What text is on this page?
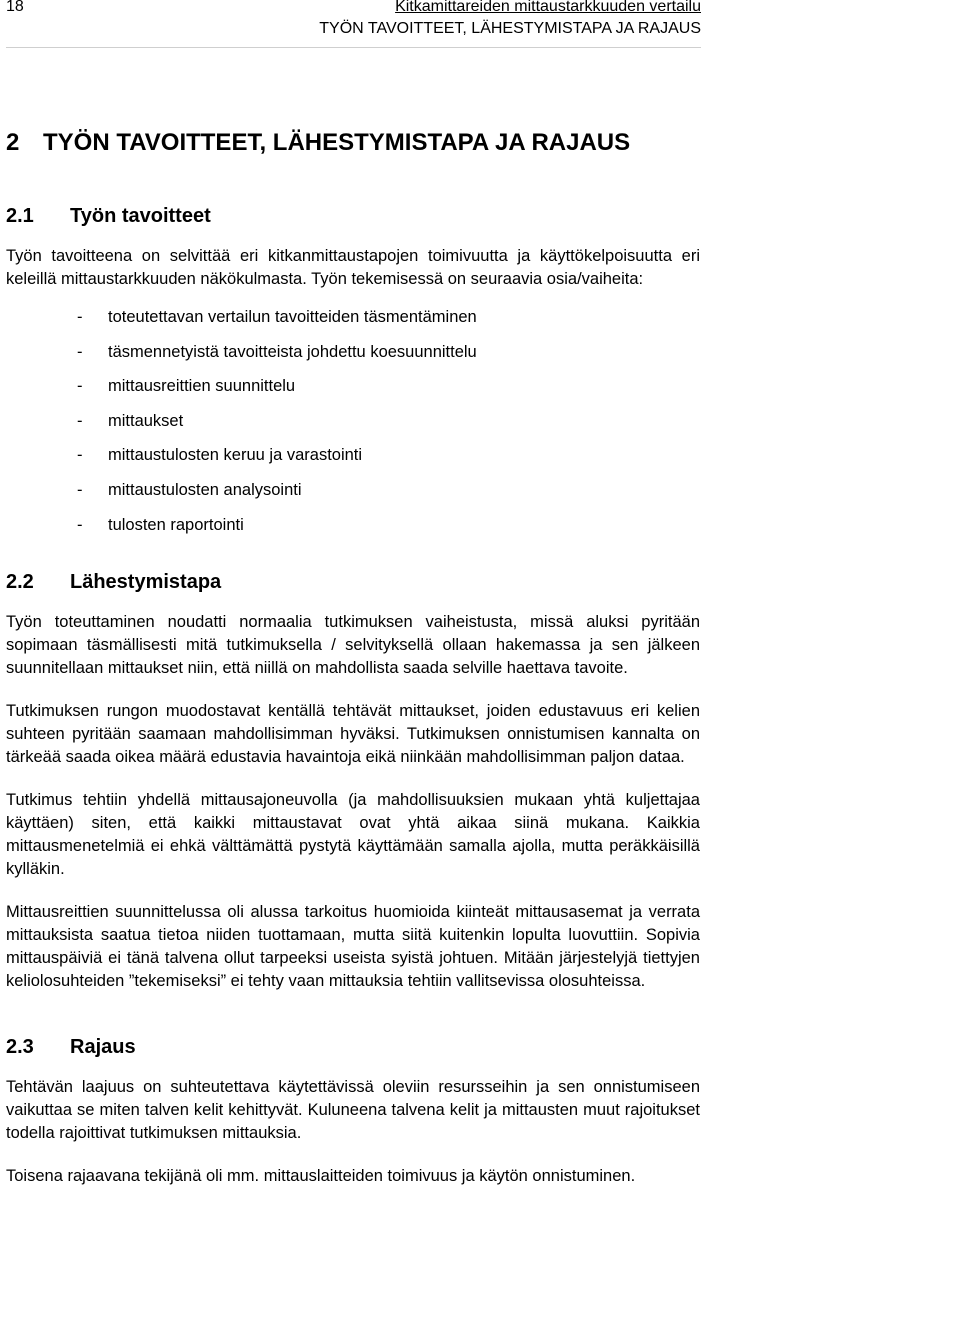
18	Kitkamittareiden mittaustarkkuuden vertailu
TYÖN TAVOITTEET, LÄHESTYMISTAPA JA RAJAUS
2 TYÖN TAVOITTEET, LÄHESTYMISTAPA JA RAJAUS
2.1 Työn tavoitteet

Työn tavoitteena on selvittää eri kitkanmittaustapojen toimivuutta ja käyttökelpoisuutta eri keleillä mittaustarkkuuden näkökulmasta. Työn tekemisessä on seuraavia osia/vaiheita:

- toteutettavan vertailun tavoitteiden täsmentäminen
- täsmennetyistä tavoitteista johdettu koesuunnittelu
- mittausreittien suunnittelu
- mittaukset
- mittaustulosten keruu ja varastointi
- mittaustulosten analysointi
- tulosten raportointi
2.2 Lähestymistapa

Työn toteuttaminen noudatti normaalia tutkimuksen vaiheistusta, missä aluksi pyritään sopimaan täsmällisesti mitä tutkimuksella / selvityksellä ollaan hakemassa ja sen jälkeen suunnitellaan mittaukset niin, että niillä on mahdollista saada selville haettava tavoite.

Tutkimuksen rungon muodostavat kentällä tehtävät mittaukset, joiden edustavuus eri kelien suhteen pyritään saamaan mahdollisimman hyväksi. Tutkimuksen onnistumisen kannalta on tärkeää saada oikea määrä edustavia havaintoja eikä niinkään mahdollisimman paljon dataa.

Tutkimus tehtiin yhdellä mittausajoneuvolla (ja mahdollisuuksien mukaan yhtä kuljettajaa käyttäen) siten, että kaikki mittaustavat ovat yhtä aikaa siinä mukana. Kaikkia mittausmenetelmiä ei ehkä välttämättä pystytä käyttämään samalla ajolla, mutta peräkkäisillä kylläkin.

Mittausreittien suunnittelussa oli alussa tarkoitus huomioida kiinteät mittausasemat ja verrata mittauksista saatua tietoa niiden tuottamaan, mutta siitä kuitenkin lopulta luovuttiin. Sopivia mittauspäiviä ei tänä talvena ollut tarpeeksi useista syistä johtuen. Mitään järjestelyjä tiettyjen keliolosuhteiden ”tekemiseksi” ei tehty vaan mittauksia tehtiin vallitsevissa olosuhteissa.

2.3 Rajaus

Tehtävän laajuus on suhteutettava käytettävissä oleviin resursseihin ja sen onnistumiseen vaikuttaa se miten talven kelit kehittyvät. Kuluneena talvena kelit ja mittausten muut rajoitukset todella rajoittivat tutkimuksen mittauksia.

Toisena rajaavana tekijänä oli mm. mittauslaitteiden toimivuus ja käytön onnistuminen.
